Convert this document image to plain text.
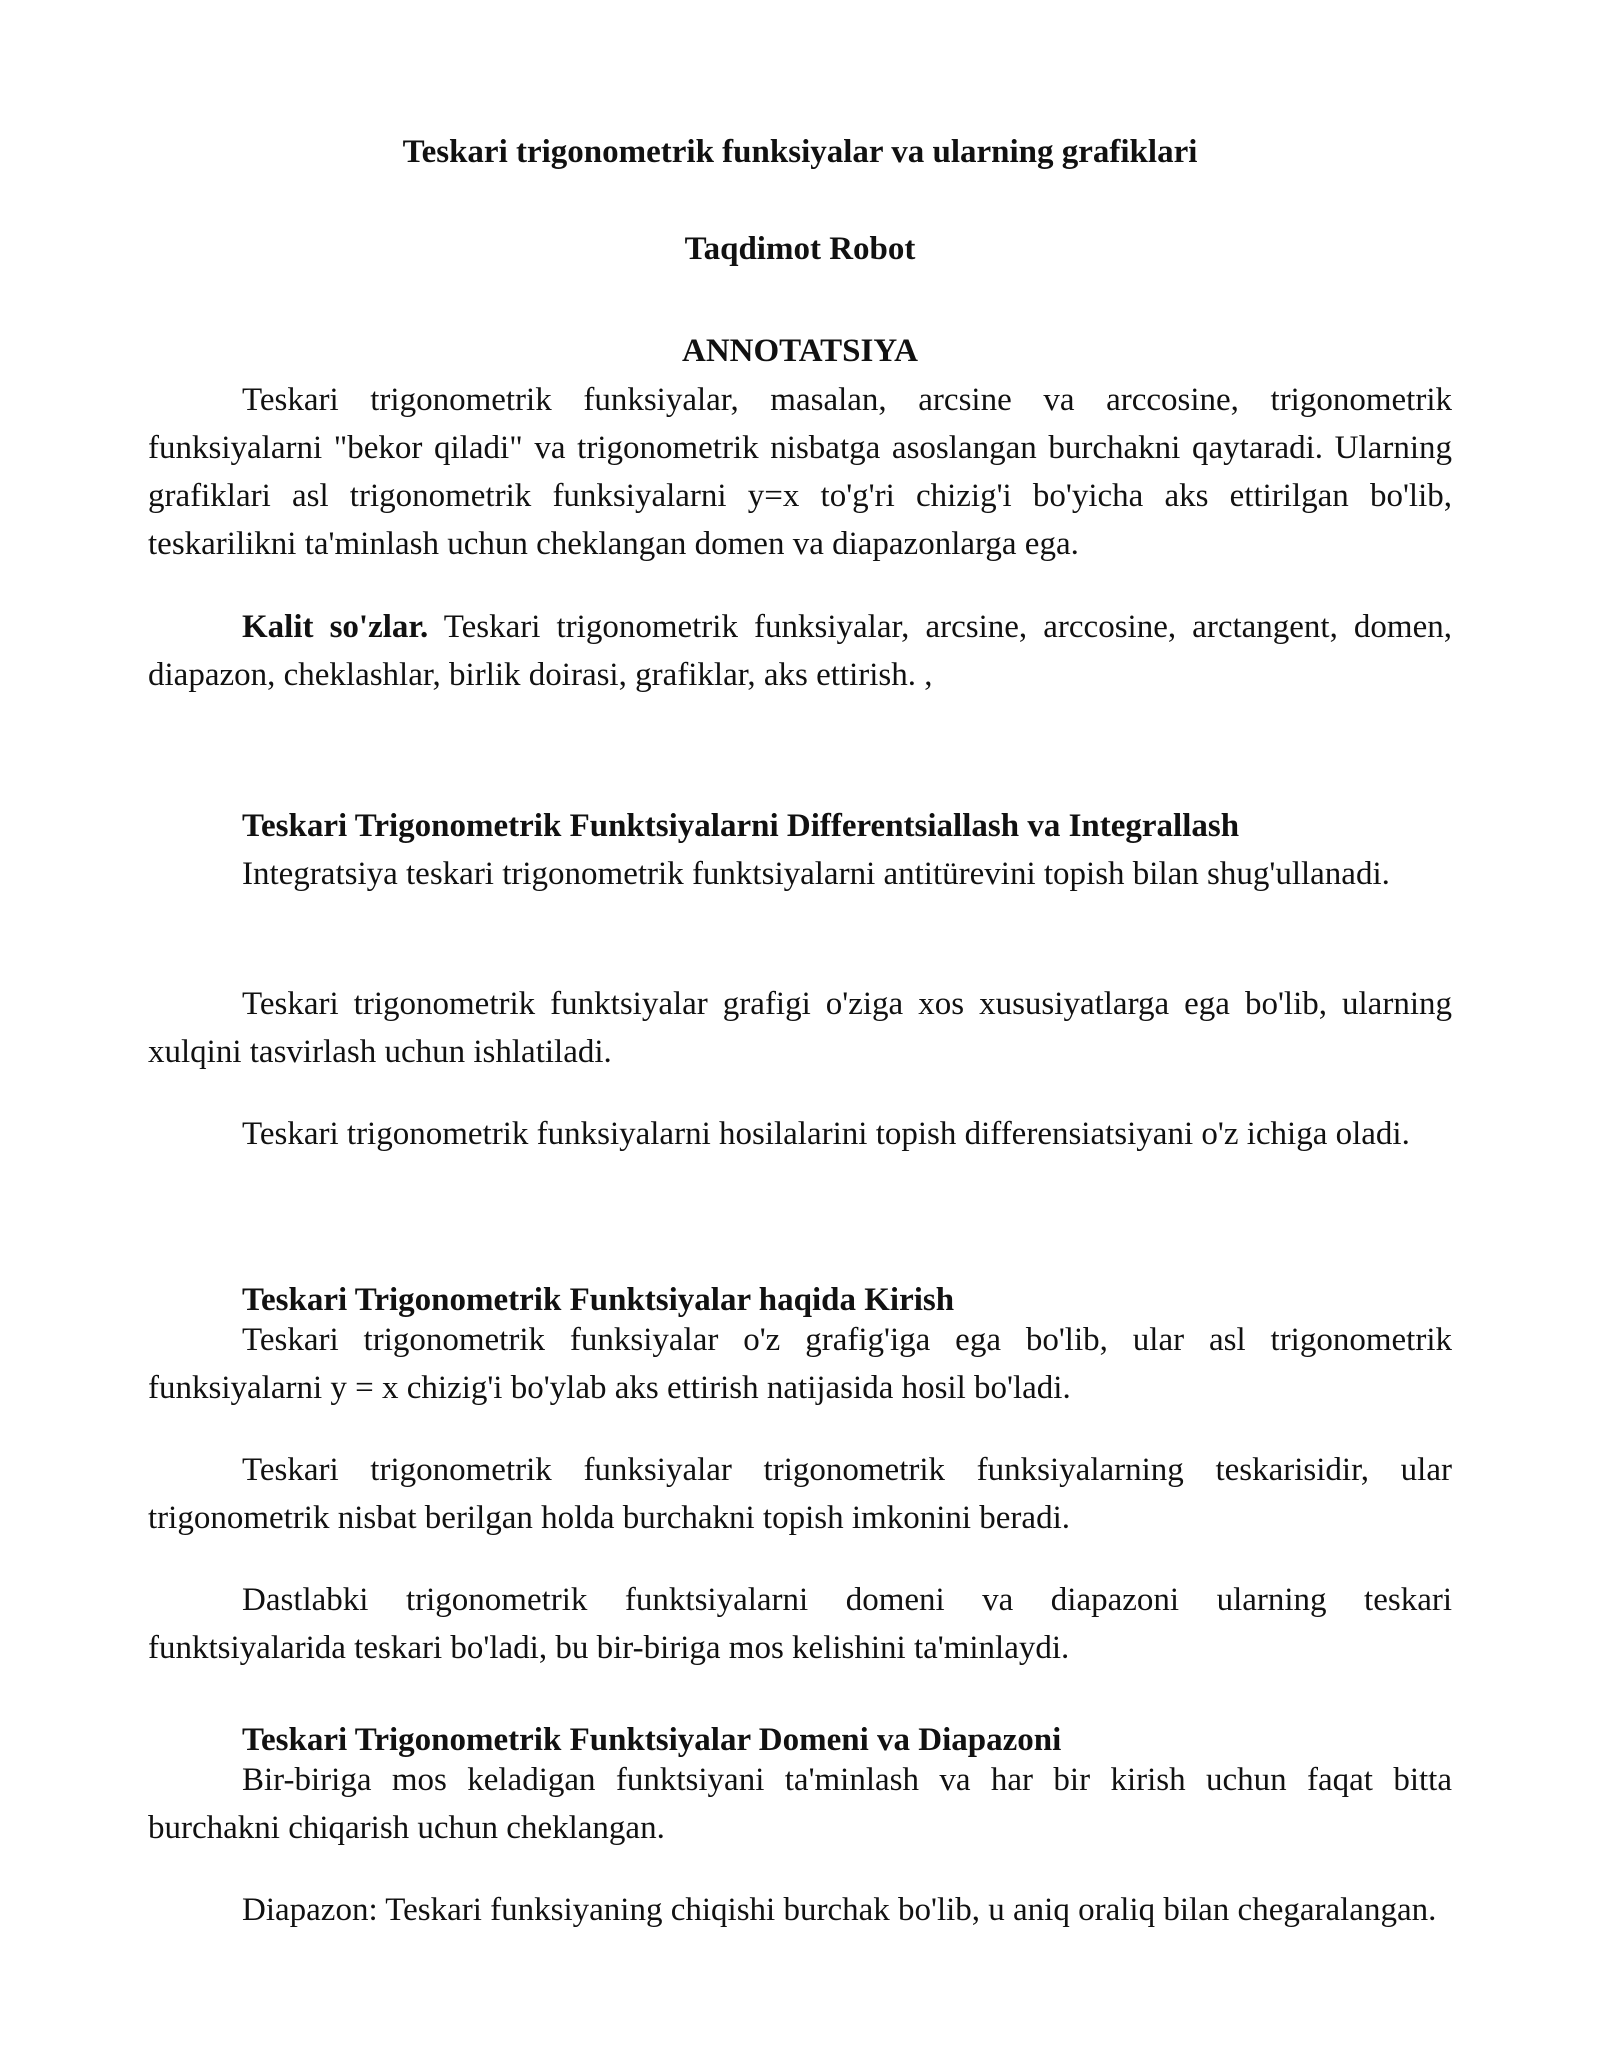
Teskari trigonometrik funksiyalar va ularning grafiklari

Taqdimot Robot

ANNOTATSIYA

Teskari trigonometrik funksiyalar, masalan, arcsine va arccosine, trigonometrik funksiyalarni "bekor qiladi" va trigonometrik nisbatga asoslangan burchakni qaytaradi. Ularning grafiklari asl trigonometrik funksiyalarni y=x to'g'ri chizig'i bo'yicha aks ettirilgan bo'lib, teskarilikni ta'minlash uchun cheklangan domen va diapazonlarga ega.

Kalit so'zlar. Teskari trigonometrik funksiyalar, arcsine, arccosine, arctangent, domen, diapazon, cheklashlar, birlik doirasi, grafiklar, aks ettirish. ,

Teskari Trigonometrik Funktsiyalarni Differentsiallash va Integrallash

Integratsiya teskari trigonometrik funktsiyalarni antitürevini topish bilan shug'ullanadi.

Teskari trigonometrik funktsiyalar grafigi o'ziga xos xususiyatlarga ega bo'lib, ularning xulqini tasvirlash uchun ishlatiladi.

Teskari trigonometrik funksiyalarni hosilalarini topish differensiatsiyani o'z ichiga oladi.

Teskari Trigonometrik Funktsiyalar haqida Kirish

Teskari trigonometrik funksiyalar o'z grafig'iga ega bo'lib, ular asl trigonometrik funksiyalarni y = x chizig'i bo'ylab aks ettirish natijasida hosil bo'ladi.

Teskari trigonometrik funksiyalar trigonometrik funksiyalarning teskarisidir, ular trigonometrik nisbat berilgan holda burchakni topish imkonini beradi.

Dastlabki trigonometrik funktsiyalarni domeni va diapazoni ularning teskari funktsiyalarida teskari bo'ladi, bu bir-biriga mos kelishini ta'minlaydi.

Teskari Trigonometrik Funktsiyalar Domeni va Diapazoni

Bir-biriga mos keladigan funktsiyani ta'minlash va har bir kirish uchun faqat bitta burchakni chiqarish uchun cheklangan.

Diapazon: Teskari funksiyaning chiqishi burchak bo'lib, u aniq oraliq bilan chegaralangan.
